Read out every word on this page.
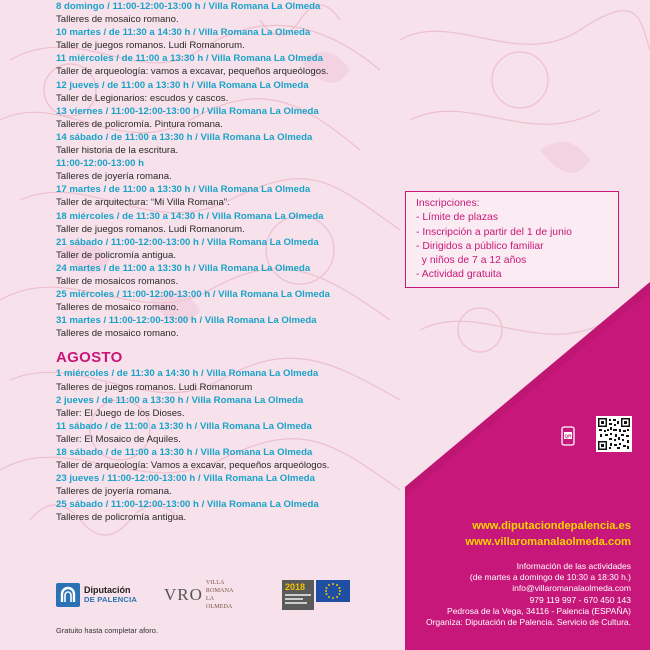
8 domingo / 11:00-12:00-13:00 h / Villa Romana La Olmeda
Talleres de mosaico romano.
10 martes / de 11:30 a 14:30 h / Villa Romana La Olmeda
Taller de juegos romanos. Ludi Romanorum.
11 miércoles / de 11:00 a 13:30 h / Villa Romana La Olmeda
Taller de arqueología: vamos a excavar, pequeños arqueólogos.
12 jueves / de 11:00 a 13:30 h / Villa Romana La Olmeda
Taller de Legionarios: escudos y cascos.
13 viernes / 11:00-12:00-13:00 h / Villa Romana La Olmeda
Talleres de policromía. Pintura romana.
14 sábado / de 11:00 a 13:30 h / Villa Romana La Olmeda
Taller historia de la escritura.
11:00-12:00-13:00 h
Talleres de joyería romana.
17 martes / de 11:00 a 13:30 h / Villa Romana La Olmeda
Taller de arquitectura: “Mi Villa Romana”.
18 miércoles / de 11:30 a 14:30 h / Villa Romana La Olmeda
Taller de juegos romanos. Ludi Romanorum.
21 sábado / 11:00-12:00-13:00 h / Villa Romana La Olmeda
Taller de policromía antigua.
24 martes / de 11:00 a 13:30 h / Villa Romana La Olmeda
Taller de mosaicos romanos.
25 miércoles / 11:00-12:00-13:00 h / Villa Romana La Olmeda
Talleres de mosaico romano.
31 martes / 11:00-12:00-13:00 h / Villa Romana La Olmeda
Talleres de mosaico romano.
AGOSTO
1 miércoles / de 11:30 a 14:30 h / Villa Romana La Olmeda
Talleres de juegos romanos. Ludi Romanorum
2 jueves / de 11:00 a 13:30 h / Villa Romana La Olmeda
Taller: El Juego de los Dioses.
11 sábado / de 11:00 a 13:30 h / Villa Romana La Olmeda
Taller: El Mosaico de Aquiles.
18 sábado / de 11:00 a 13:30 h / Villa Romana La Olmeda
Taller de arqueología: Vamos a excavar, pequeños arqueólogos.
23 jueves / 11:00-12:00-13:00 h / Villa Romana La Olmeda
Talleres de joyería romana.
25 sábado / 11:00-12:00-13:00 h / Villa Romana La Olmeda
Talleres de policromía antigua.
Inscripciones:
- Límite de plazas
- Inscripción a partir del 1 de junio
- Dirigidos a público familiar
y niños de 7 a 12 años
- Actividad gratuita
QR
www.diputaciondepalencia.es
www.villaromanalaolmeda.com
Información de las actividades
(de martes a domingo de 10:30 a 18:30 h.)
info@villaromanalaolmeda.com
979 119 997 - 670 450 143
Pedrosa de la Vega, 34116 - Palencia (ESPAÑA)
Organiza: Diputación de Palencia. Servicio de Cultura.
Diputación
DE PALENCIA VRO
VILLA ROMANA
LA OLMEDA
2018
Gratuito hasta completar aforo.
